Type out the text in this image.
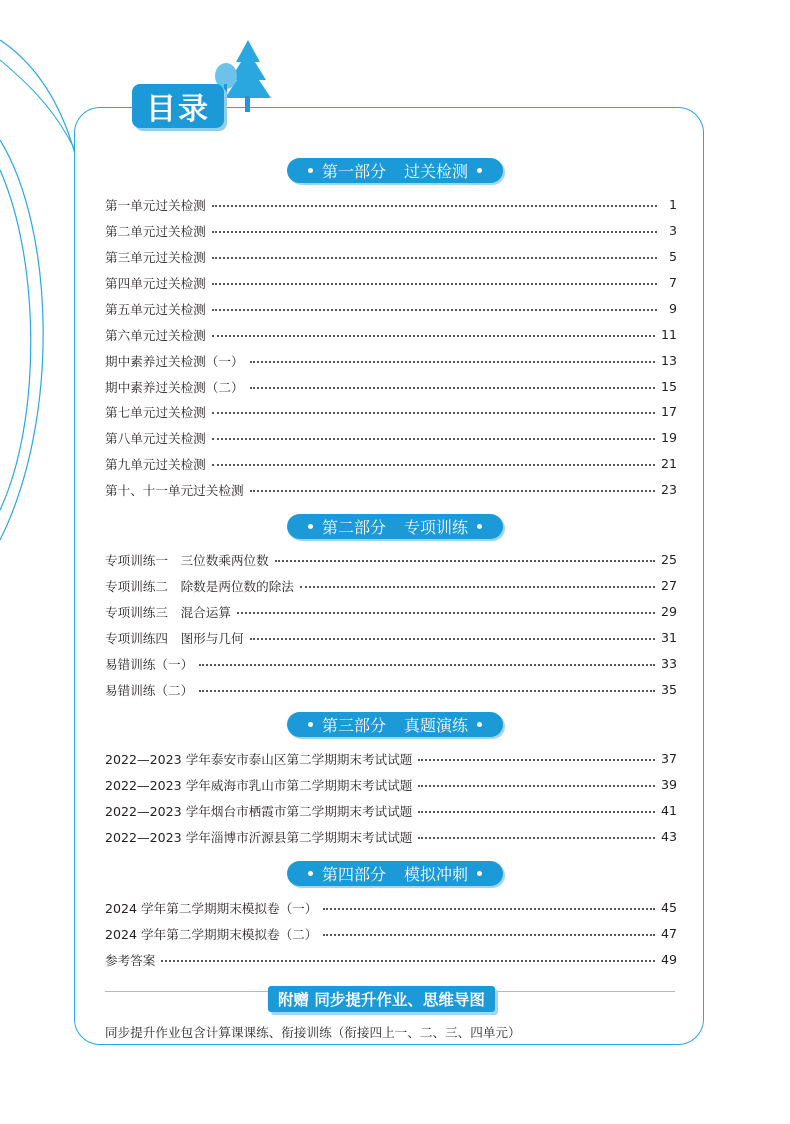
目录
第一部分 过关检测
第二部分 专项训练
第三部分 真题演练
第四部分 模拟冲刺
第一单元过关检测	1
第二单元过关检测	3
第三单元过关检测	5
第四单元过关检测	7
第五单元过关检测	9
第六单元过关检测	11
期中素养过关检测（一）	13
期中素养过关检测（二）	15
第七单元过关检测	17
第八单元过关检测	19
第九单元过关检测	21
第十、十一单元过关检测	23
专项训练一　三位数乘两位数	25
专项训练二　除数是两位数的除法	27
专项训练三　混合运算	29
专项训练四　图形与几何	31
易错训练（一）	33
易错训练（二）	35
2022—2023 学年泰安市泰山区第二学期期末考试试题	37
2022—2023 学年威海市乳山市第二学期期末考试试题	39
2022—2023 学年烟台市栖霞市第二学期期末考试试题	41
2022—2023 学年淄博市沂源县第二学期期末考试试题	43
2024 学年第二学期期末模拟卷（一）	45
2024 学年第二学期期末模拟卷（二）	47
参考答案	49
附赠 同步提升作业、思维导图
同步提升作业包含计算课课练、衔接训练（衔接四上一、二、三、四单元）
